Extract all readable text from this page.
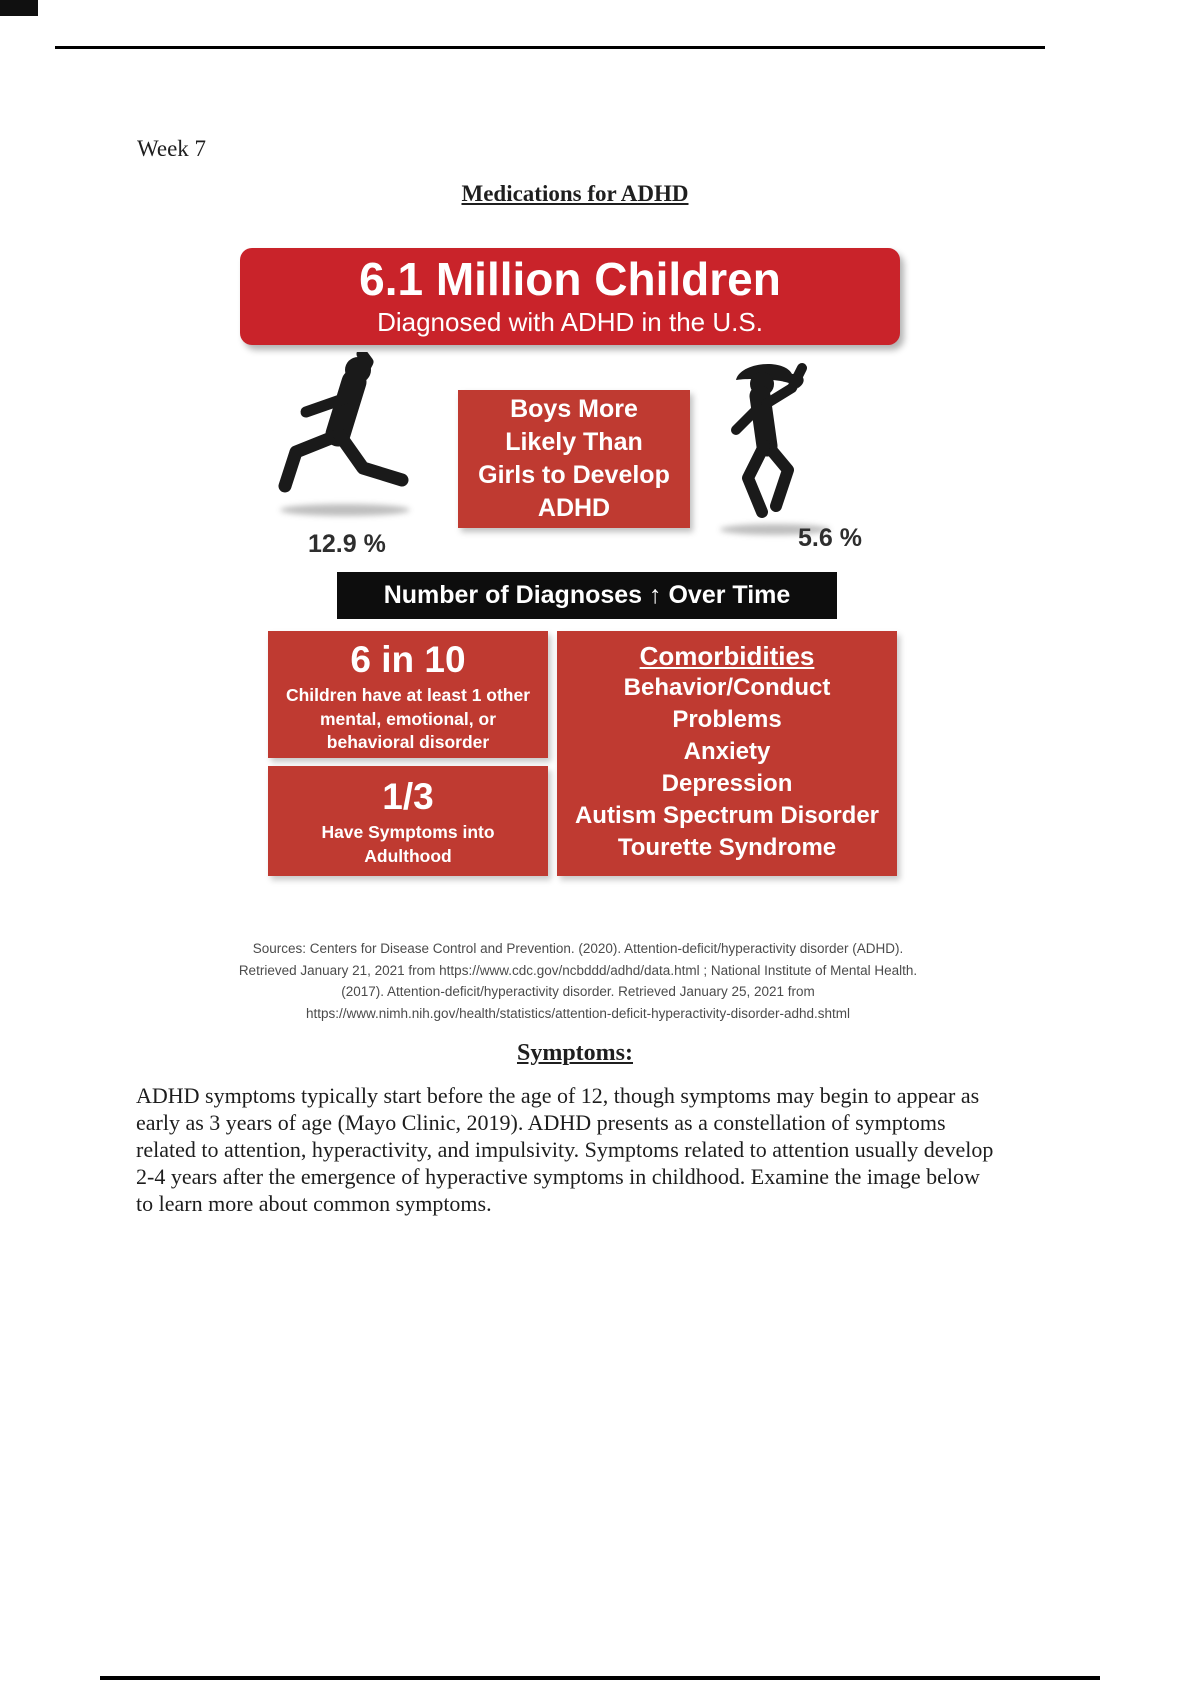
Week 7
Medications for ADHD
6.1 Million Children
Diagnosed with ADHD in the U.S.
Boys More Likely Than Girls to Develop ADHD
12.9 %	5.6 %
Number of Diagnoses ↑ Over Time
6 in 10
Children have at least 1 other mental, emotional, or behavioral disorder
1/3
Have Symptoms into Adulthood
Comorbidities
Behavior/Conduct Problems
Anxiety
Depression
Autism Spectrum Disorder
Tourette Syndrome
Sources: Centers for Disease Control and Prevention. (2020). Attention-deficit/hyperactivity disorder (ADHD). Retrieved January 21, 2021 from https://www.cdc.gov/ncbddd/adhd/data.html ; National Institute of Mental Health. (2017). Attention-deficit/hyperactivity disorder. Retrieved January 25, 2021 from https://www.nimh.nih.gov/health/statistics/attention-deficit-hyperactivity-disorder-adhd.shtml
Symptoms:
ADHD symptoms typically start before the age of 12, though symptoms may begin to appear as early as 3 years of age (Mayo Clinic, 2019). ADHD presents as a constellation of symptoms related to attention, hyperactivity, and impulsivity. Symptoms related to attention usually develop 2-4 years after the emergence of hyperactive symptoms in childhood. Examine the image below to learn more about common symptoms.
